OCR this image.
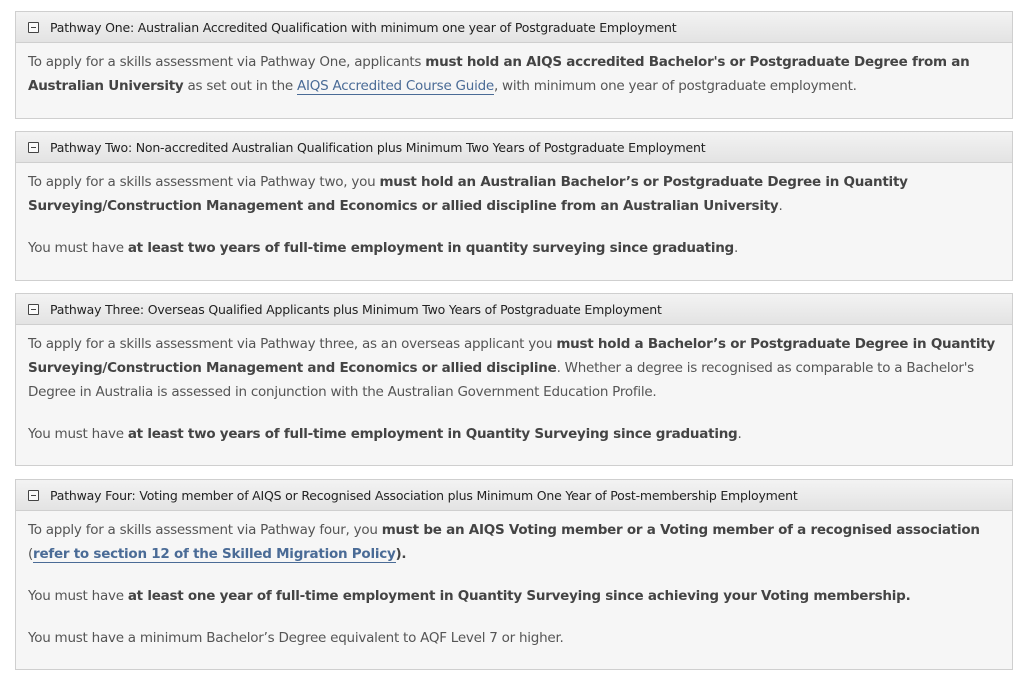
Pathway One: Australian Accredited Qualification with minimum one year of Postgraduate Employment

To apply for a skills assessment via Pathway One, applicants must hold an AIQS accredited Bachelor's or Postgraduate Degree from an Australian University as set out in the AIQS Accredited Course Guide, with minimum one year of postgraduate employment.

Pathway Two: Non-accredited Australian Qualification plus Minimum Two Years of Postgraduate Employment

To apply for a skills assessment via Pathway two, you must hold an Australian Bachelor’s or Postgraduate Degree in Quantity Surveying/Construction Management and Economics or allied discipline from an Australian University.

You must have at least two years of full-time employment in quantity surveying since graduating.

Pathway Three: Overseas Qualified Applicants plus Minimum Two Years of Postgraduate Employment

To apply for a skills assessment via Pathway three, as an overseas applicant you must hold a Bachelor’s or Postgraduate Degree in Quantity Surveying/Construction Management and Economics or allied discipline. Whether a degree is recognised as comparable to a Bachelor's Degree in Australia is assessed in conjunction with the Australian Government Education Profile.

You must have at least two years of full-time employment in Quantity Surveying since graduating.

Pathway Four: Voting member of AIQS or Recognised Association plus Minimum One Year of Post-membership Employment

To apply for a skills assessment via Pathway four, you must be an AIQS Voting member or a Voting member of a recognised association (refer to section 12 of the Skilled Migration Policy).

You must have at least one year of full-time employment in Quantity Surveying since achieving your Voting membership.

You must have a minimum Bachelor’s Degree equivalent to AQF Level 7 or higher.
